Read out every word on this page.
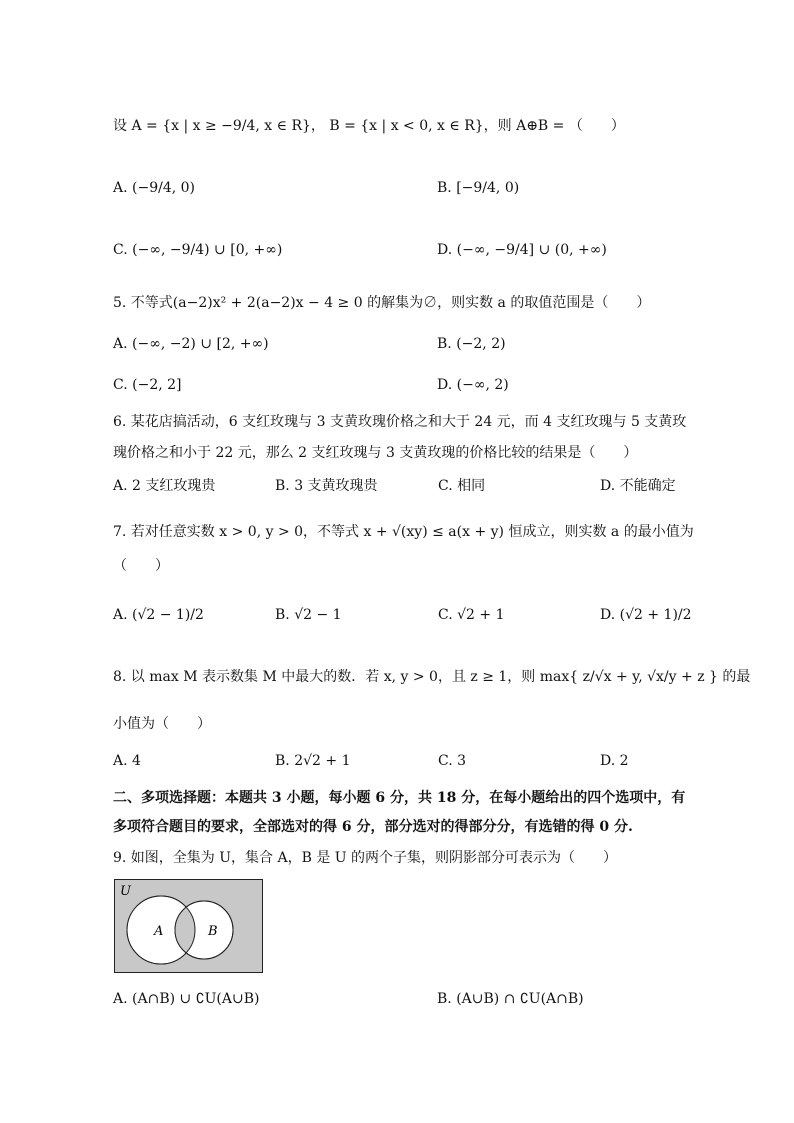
设 A = {x | x ≥ −9/4, x ∈ R}， B = {x | x < 0, x ∈ R}，则 A⊕B = （　　）
A. (−9/4, 0)	B. [−9/4, 0)
C. (−∞, −9/4) ∪ [0, +∞)	D. (−∞, −9/4] ∪ (0, +∞)
5. 不等式(a−2)x² + 2(a−2)x − 4 ≥ 0 的解集为∅，则实数 a 的取值范围是（　　）
A. (−∞, −2) ∪ [2, +∞)	B. (−2, 2)
C. (−2, 2]	D. (−∞, 2)
6. 某花店搞活动，6 支红玫瑰与 3 支黄玫瑰价格之和大于 24 元，而 4 支红玫瑰与 5 支黄玫
瑰价格之和小于 22 元，那么 2 支红玫瑰与 3 支黄玫瑰的价格比较的结果是（　　）
A. 2 支红玫瑰贵	B. 3 支黄玫瑰贵	C. 相同	D. 不能确定
7. 若对任意实数 x > 0, y > 0，不等式 x + √(xy) ≤ a(x + y) 恒成立，则实数 a 的最小值为
（　　）
A. (√2 − 1)/2	B. √2 − 1	C. √2 + 1	D. (√2 + 1)/2
8. 以 max M 表示数集 M 中最大的数．若 x, y > 0，且 z ≥ 1，则 max{ z/√x + y, √x/y + z } 的最
小值为（　　）
A. 4	B. 2√2 + 1	C. 3	D. 2
二、多项选择题：本题共 3 小题，每小题 6 分，共 18 分，在每小题给出的四个选项中，有
多项符合题目的要求，全部选对的得 6 分，部分选对的得部分分，有选错的得 0 分.
9. 如图，全集为 U，集合 A，B 是 U 的两个子集，则阴影部分可表示为（　　）
U
A	B
A. (A∩B) ∪ ∁U(A∪B)	B. (A∪B) ∩ ∁U(A∩B)
